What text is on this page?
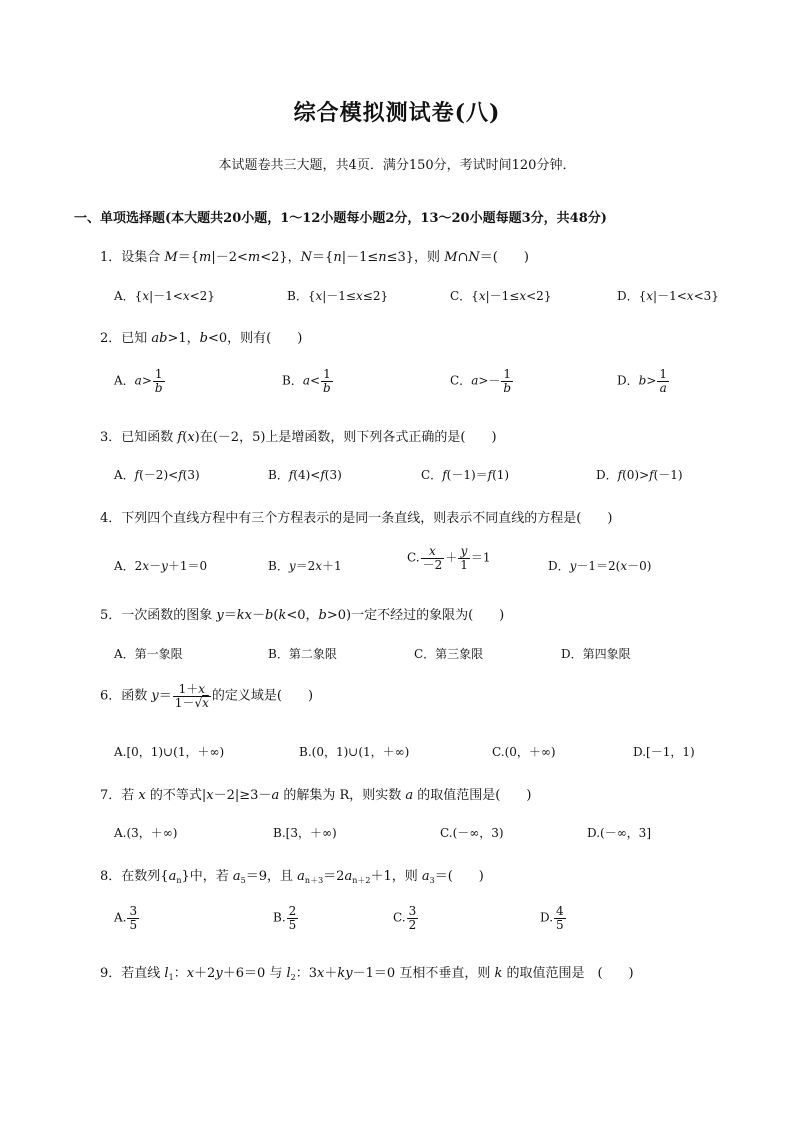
综合模拟测试卷(八)
本试题卷共三大题，共4页．满分150分，考试时间120分钟．
一、单项选择题(本大题共20小题，1～12小题每小题2分，13～20小题每题3分，共48分)
1．设集合 M＝{m|－2<m<2}，N＝{n|－1≤n≤3}，则 M∩N＝(　　)
A．{x|－1<x<2}	B．{x|－1≤x≤2}	C．{x|－1≤x<2}	D．{x|－1<x<3}
2．已知 ab>1，b<0，则有(　　)
A．$a> \frac{1}{b}$	B．$a< \frac{1}{b}$	C．$a>- \frac{1}{b}$	D．$b> \frac{1}{a}$
3．已知函数 f(x)在(－2，5)上是增函数，则下列各式正确的是(　　)
A．f(－2)<f(3)	B．f(4)<f(3)	C．f(－1)＝f(1)	D．f(0)>f(－1)
4．下列四个直线方程中有三个方程表示的是同一条直线，则表示不同直线的方程是(　　)
A．2x－y＋1＝0	B．y＝2x＋1
C. $\frac{x}{-2} + \frac{y}{1} =1$
D．y－1＝2(x－0)
5．一次函数的图象 y＝kx－b(k<0，b>0)一定不经过的象限为(　　)
A．第一象限	B．第二象限	C．第三象限	D．第四象限
6．函数 $y= \frac{1+x}{1-√x}$ 的定义域是(　　)
A.[0，1)∪(1，＋∞)	B.(0，1)∪(1，＋∞)	C.(0，＋∞)	D.[－1，1)
7．若 x 的不等式|x－2|≥3－a 的解集为 R，则实数 a 的取值范围是(　　)
A.(3，＋∞)	B.[3，＋∞)	C.(－∞，3)	D.(－∞，3]
8．在数列$\{a_n\}$中，若 $a_5=9$，且 $a_{n+3}=2a_{n+2}+1$，则 $a_3=$(　　)
A. $\frac{3}{5}$	B. $\frac{2}{5}$	C. $\frac{3}{2}$	D. $\frac{4}{5}$
9．若直线 $l_1$：x＋2y＋6＝0 与 $l_2$：3x＋ky－1＝0 互相不垂直，则 k 的取值范围是　(　　)
